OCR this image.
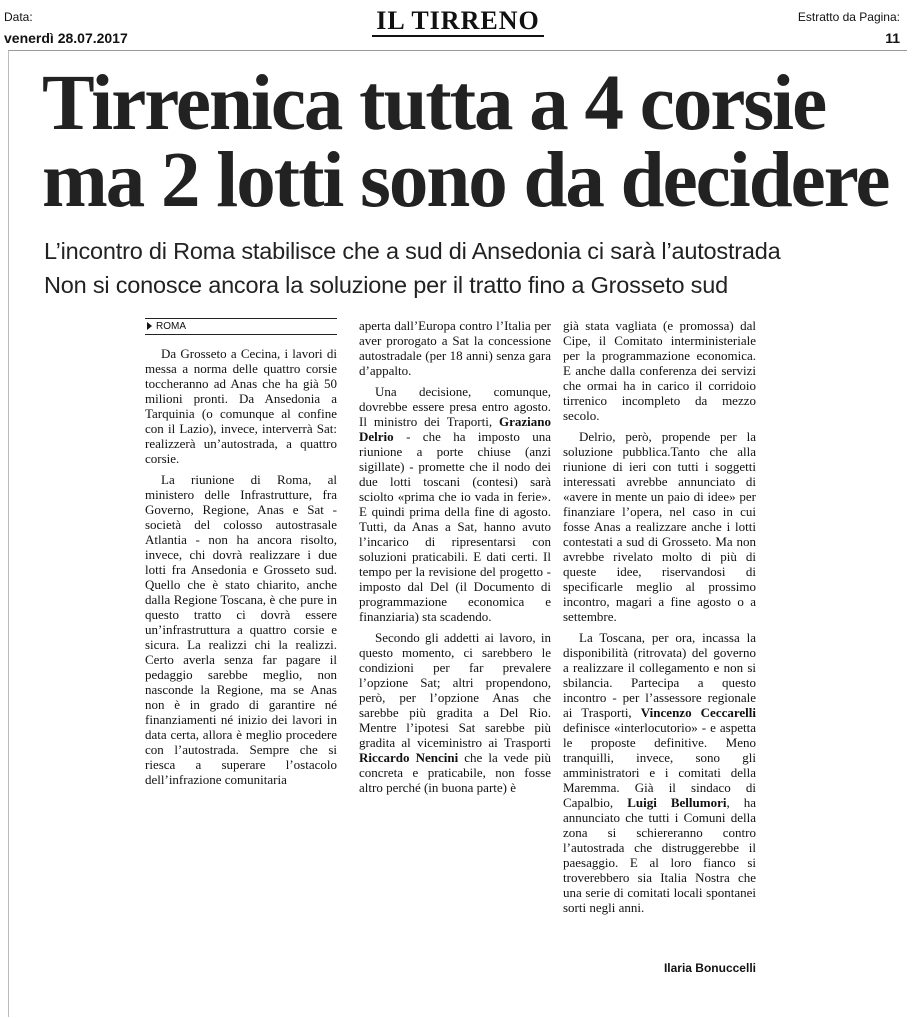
Data:
venerdì 28.07.2017
IL TIRRENO	Estratto da Pagina:
11
Tirrenica tutta a 4 corsie
ma 2 lotti sono da decidere
L’incontro di Roma stabilisce che a sud di Ansedonia ci sarà l’autostrada
Non si conosce ancora la soluzione per il tratto fino a Grosseto sud
ROMA

Da Grosseto a Cecina, i lavori di messa a norma delle quattro corsie toccheranno ad Anas che ha già 50 milioni pronti. Da Ansedonia a Tarquinia (o comunque al confine con il Lazio), invece, interverrà Sat: realizzerà un’autostrada, a quattro corsie.

La riunione di Roma, al ministero delle Infrastrutture, fra Governo, Regione, Anas e Sat - società del colosso autostrasale Atlantia - non ha ancora risolto, invece, chi dovrà realizzare i due lotti fra Ansedonia e Grosseto sud. Quello che è stato chiarito, anche dalla Regione Toscana, è che pure in questo tratto ci dovrà essere un’infrastruttura a quattro corsie e sicura. La realizzi chi la realizzi. Certo averla senza far pagare il pedaggio sarebbe meglio, non nasconde la Regione, ma se Anas non è in grado di garantire né finanziamenti né inizio dei lavori in data certa, allora è meglio procedere con l’autostrada. Sempre che si riesca a superare l’ostacolo dell’infrazione comunitaria

aperta dall’Europa contro l’Italia per aver prorogato a Sat la concessione autostradale (per 18 anni) senza gara d’appalto.

Una decisione, comunque, dovrebbe essere presa entro agosto. Il ministro dei Traporti, Graziano Delrio - che ha imposto una riunione a porte chiuse (anzi sigillate) - promette che il nodo dei due lotti toscani (contesi) sarà sciolto «prima che io vada in ferie». E quindi prima della fine di agosto. Tutti, da Anas a Sat, hanno avuto l’incarico di ripresentarsi con soluzioni praticabili. E dati certi. Il tempo per la revisione del progetto - imposto dal Del (il Documento di programmazione economica e finanziaria) sta scadendo.

Secondo gli addetti ai lavoro, in questo momento, ci sarebbero le condizioni per far prevalere l’opzione Sat; altri propendono, però, per l’opzione Anas che sarebbe più gradita a Del Rio. Mentre l’ipotesi Sat sarebbe più gradita al viceministro ai Trasporti Riccardo Nencini che la vede più concreta e praticabile, non fosse altro perché (in buona parte) è

già stata vagliata (e promossa) dal Cipe, il Comitato interministeriale per la programmazione economica. E anche dalla conferenza dei servizi che ormai ha in carico il corridoio tirrenico incompleto da mezzo secolo.

Delrio, però, propende per la soluzione pubblica.Tanto che alla riunione di ieri con tutti i soggetti interessati avrebbe annunciato di «avere in mente un paio di idee» per finanziare l’opera, nel caso in cui fosse Anas a realizzare anche i lotti contestati a sud di Grosseto. Ma non avrebbe rivelato molto di più di queste idee, riservandosi di specificarle meglio al prossimo incontro, magari a fine agosto o a settembre.

La Toscana, per ora, incassa la disponibilità (ritrovata) del governo a realizzare il collegamento e non si sbilancia. Partecipa a questo incontro - per l’assessore regionale ai Trasporti, Vincenzo Ceccarelli definisce «interlocutorio» - e aspetta le proposte definitive. Meno tranquilli, invece, sono gli amministratori e i comitati della Maremma. Già il sindaco di Capalbio, Luigi Bellumori, ha annunciato che tutti i Comuni della zona si schiereranno contro l’autostrada che distruggerebbe il paesaggio. E al loro fianco si troverebbero sia Italia Nostra che una serie di comitati locali spontanei sorti negli anni.

Ilaria Bonuccelli
